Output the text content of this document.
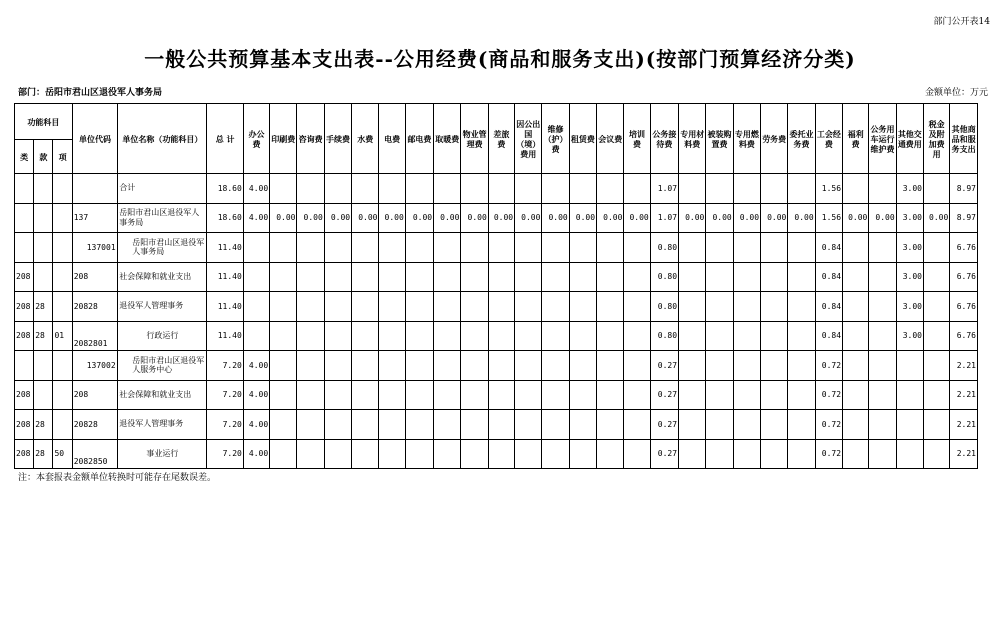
部门公开表14
一般公共预算基本支出表--公用经费(商品和服务支出)(按部门预算经济分类)
部门：岳阳市君山区退役军人事务局	金额单位：万元
功能科目			单位代码	单位名称（功能科目）	总 计	办公费	印刷费	咨询费	手续费	水费	电费	邮电费	取暖费	物业管理费	差旅费	因公出国（境）费用	维修（护）费	租赁费	会议费	培训费	公务接待费	专用材料费	被装购置费	专用燃料费	劳务费	委托业务费	工会经费	福利费	公务用车运行维护费	其他交通费用	税金及附加费用	其他商品和服务支出
类	款	项																														
				合计	18.60	4.00															1.07						1.56			3.00		8.97
			137	岳阳市君山区退役军人事务局	18.60	4.00	0.00	0.00	0.00	0.00	0.00	0.00	0.00	0.00	0.00	0.00	0.00	0.00	0.00	0.00	1.07	0.00	0.00	0.00	0.00	0.00	1.56	0.00	0.00	3.00	0.00	8.97
			137001	岳阳市君山区退役军人事务局	11.40																0.80						0.84			3.00		6.76
208			208	社会保障和就业支出	11.40																0.80						0.84			3.00		6.76
208	28		20828	退役军人管理事务	11.40																0.80						0.84			3.00		6.76
208	28	01	2082801	行政运行	11.40																0.80						0.84			3.00		6.76
			137002	岳阳市君山区退役军人服务中心	7.20	4.00															0.27						0.72					2.21
208			208	社会保障和就业支出	7.20	4.00															0.27						0.72					2.21
208	28		20828	退役军人管理事务	7.20	4.00															0.27						0.72					2.21
208	28	50	2082850	事业运行	7.20	4.00															0.27						0.72					2.21
注：本套报表金额单位转换时可能存在尾数误差。
